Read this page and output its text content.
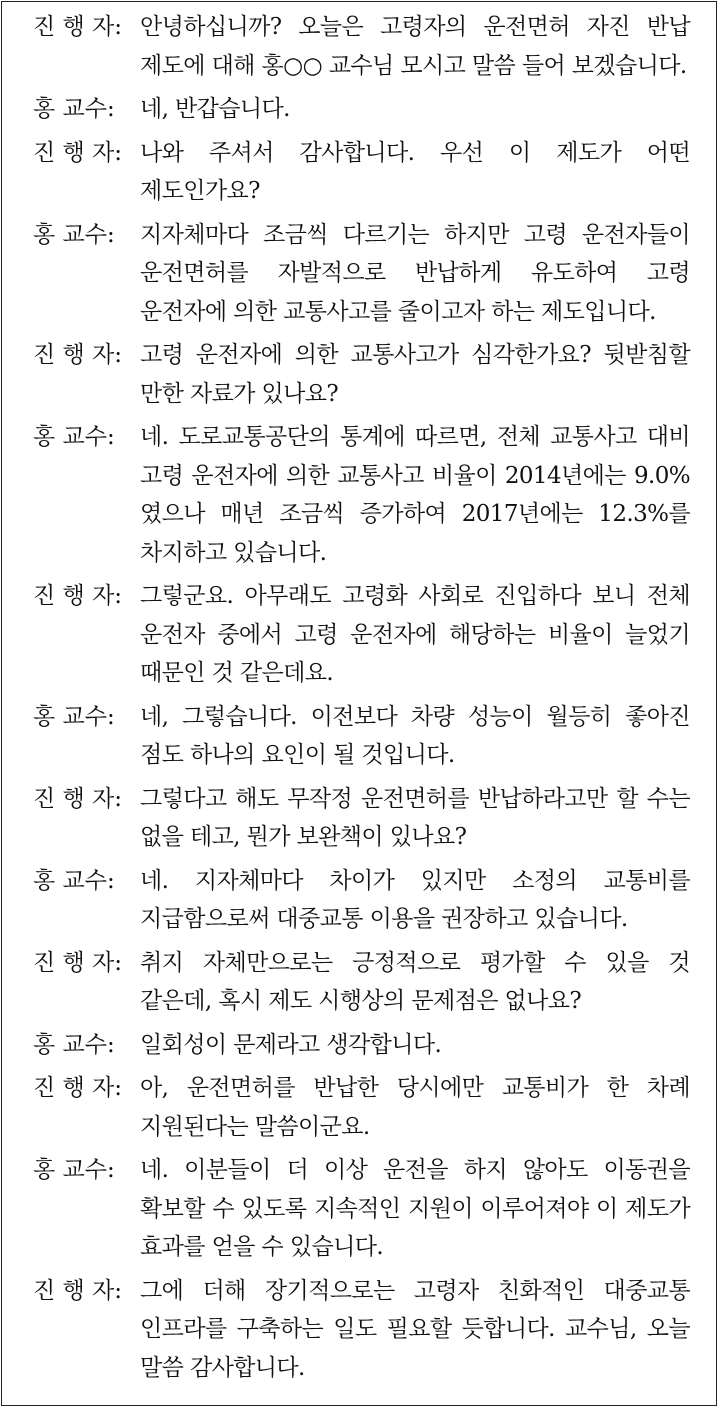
진 행 자: 안녕하십니까? 오늘은 고령자의 운전면허 자진 반납 제도에 대해 홍○○ 교수님 모시고 말씀 들어 보겠습니다.
홍 교수:	네, 반갑습니다.
진 행 자: 나와 주셔서 감사합니다. 우선 이 제도가 어떤 제도인가요?
홍 교수:	지자체마다 조금씩 다르기는 하지만 고령 운전자들이 운전면허를 자발적으로 반납하게 유도하여 고령 운전자에 의한 교통사고를 줄이고자 하는 제도입니다.
진 행 자: 고령 운전자에 의한 교통사고가 심각한가요? 뒷받침할 만한 자료가 있나요?
홍 교수:	네. 도로교통공단의 통계에 따르면, 전체 교통사고 대비 고령 운전자에 의한 교통사고 비율이 2014년에는 9.0%였으나 매년 조금씩 증가하여 2017년에는 12.3%를 차지하고 있습니다.
진 행 자: 그렇군요. 아무래도 고령화 사회로 진입하다 보니 전체 운전자 중에서 고령 운전자에 해당하는 비율이 늘었기 때문인 것 같은데요.
홍 교수:	네, 그렇습니다. 이전보다 차량 성능이 월등히 좋아진 점도 하나의 요인이 될 것입니다.
진 행 자: 그렇다고 해도 무작정 운전면허를 반납하라고만 할 수는 없을 테고, 뭔가 보완책이 있나요?
홍 교수:	네. 지자체마다 차이가 있지만 소정의 교통비를 지급함으로써 대중교통 이용을 권장하고 있습니다.
진 행 자: 취지 자체만으로는 긍정적으로 평가할 수 있을 것 같은데, 혹시 제도 시행상의 문제점은 없나요?
홍 교수:	일회성이 문제라고 생각합니다.
진 행 자: 아, 운전면허를 반납한 당시에만 교통비가 한 차례 지원된다는 말씀이군요.
홍 교수:	네. 이분들이 더 이상 운전을 하지 않아도 이동권을 확보할 수 있도록 지속적인 지원이 이루어져야 이 제도가 효과를 얻을 수 있습니다.
진 행 자: 그에 더해 장기적으로는 고령자 친화적인 대중교통 인프라를 구축하는 일도 필요할 듯합니다. 교수님, 오늘 말씀 감사합니다.
